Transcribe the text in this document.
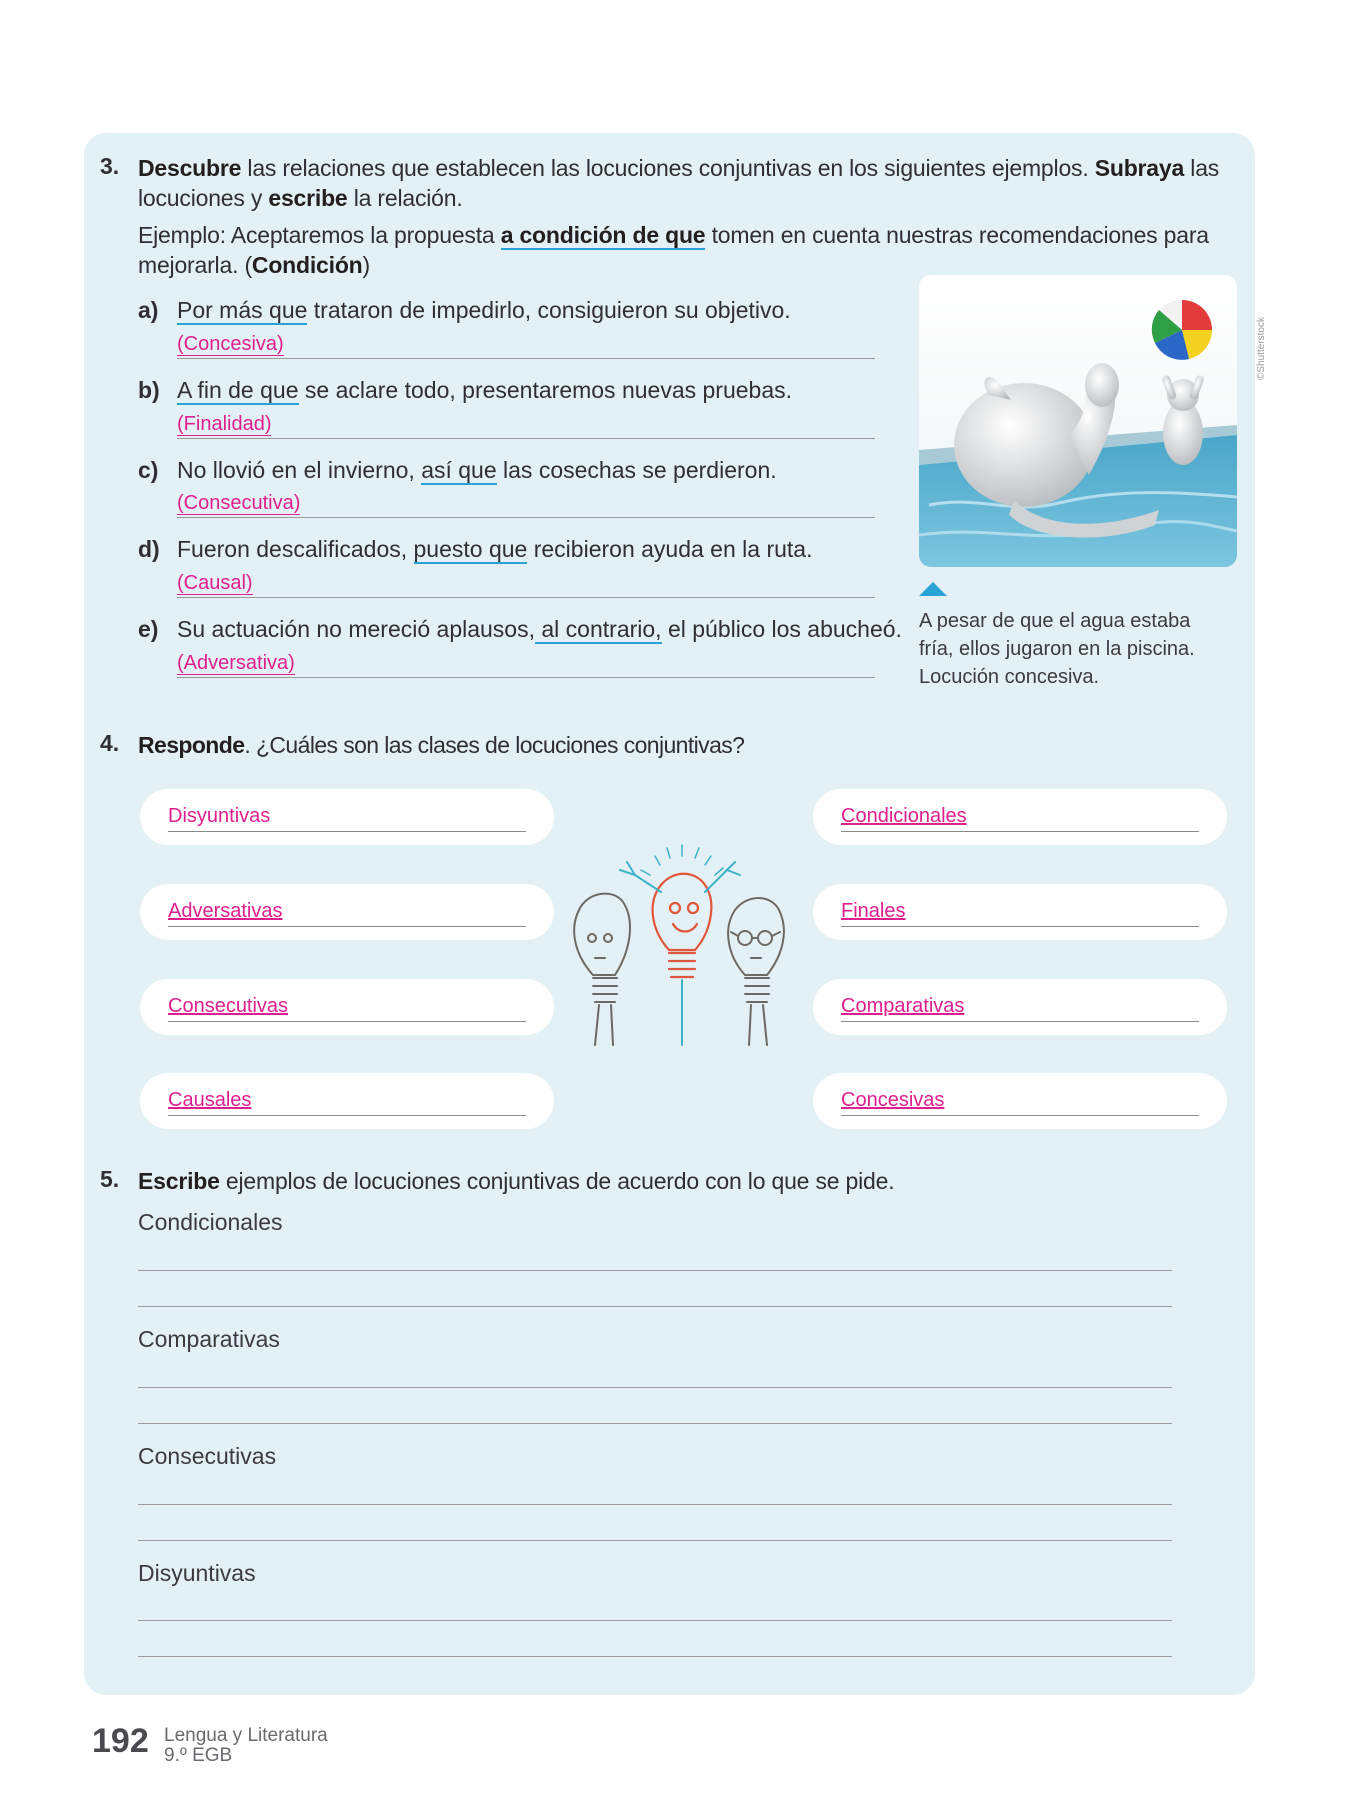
3. Descubre las relaciones que establecen las locuciones conjuntivas en los siguientes ejemplos. Subraya las
locuciones y escribe la relación.
Ejemplo: Aceptaremos la propuesta a condición de que tomen en cuenta nuestras recomendaciones para
mejorarla. (Condición)
a) Por más que trataron de impedirlo, consiguieron su objetivo.
(Concesiva)
b) A fin de que se aclare todo, presentaremos nuevas pruebas.
(Finalidad)
c) No llovió en el invierno, así que las cosechas se perdieron.
(Consecutiva)
d) Fueron descalificados, puesto que recibieron ayuda en la ruta.
(Causal)
e) Su actuación no mereció aplausos, al contrario, el público los abucheó.
(Adversativa)
©Shutterstock
A pesar de que el agua estaba
fría, ellos jugaron en la piscina.
Locución concesiva.
4. Responde. ¿Cuáles son las clases de locuciones conjuntivas?
Disyuntivas
Adversativas
Consecutivas
Causales
Condicionales
Finales
Comparativas
Concesivas
5. Escribe ejemplos de locuciones conjuntivas de acuerdo con lo que se pide.
Condicionales
Comparativas
Consecutivas
Disyuntivas
192 Lengua y Literatura
9.º EGB
